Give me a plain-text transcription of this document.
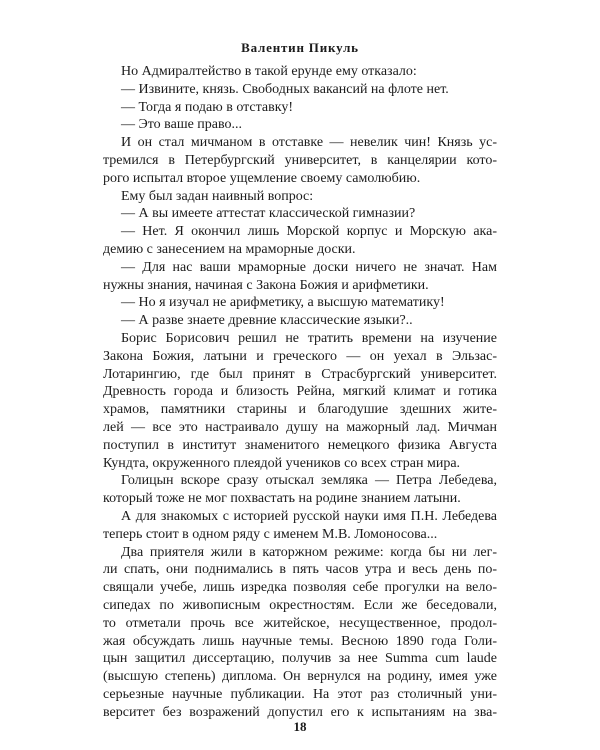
Валентин Пикуль
Но Адмиралтейство в такой ерунде ему отказало:
— Извините, князь. Свободных вакансий на флоте нет.
— Тогда я подаю в отставку!
— Это ваше право...
И он стал мичманом в отставке — невелик чин! Князь ус-
тремился в Петербургский университет, в канцелярии кото-
рого испытал второе ущемление своему самолюбию.
Ему был задан наивный вопрос:
— А вы имеете аттестат классической гимназии?
— Нет. Я окончил лишь Морской корпус и Морскую ака-
демию с занесением на мраморные доски.
— Для нас ваши мраморные доски ничего не значат. Нам
нужны знания, начиная с Закона Божия и арифметики.
— Но я изучал не арифметику, а высшую математику!
— А разве знаете древние классические языки?..
Борис Борисович решил не тратить времени на изучение
Закона Божия, латыни и греческого — он уехал в Эльзас-
Лотарингию, где был принят в Страсбургский университет.
Древность города и близость Рейна, мягкий климат и готика
храмов, памятники старины и благодушие здешних жите-
лей — все это настраивало душу на мажорный лад. Мичман
поступил в институт знаменитого немецкого физика Августа
Кундта, окруженного плеядой учеников со всех стран мира.
Голицын вскоре сразу отыскал земляка — Петра Лебедева,
который тоже не мог похвастать на родине знанием латыни.
А для знакомых с историей русской науки имя П.Н. Лебедева
теперь стоит в одном ряду с именем М.В. Ломоносова...
Два приятеля жили в каторжном режиме: когда бы ни лег-
ли спать, они поднимались в пять часов утра и весь день по-
свящали учебе, лишь изредка позволяя себе прогулки на вело-
сипедах по живописным окрестностям. Если же беседовали,
то отметали прочь все житейское, несущественное, продол-
жая обсуждать лишь научные темы. Весною 1890 года Голи-
цын защитил диссертацию, получив за нее Summa cum laude
(высшую степень) диплома. Он вернулся на родину, имея уже
серьезные научные публикации. На этот раз столичный уни-
верситет без возражений допустил его к испытаниям на зва-
18
